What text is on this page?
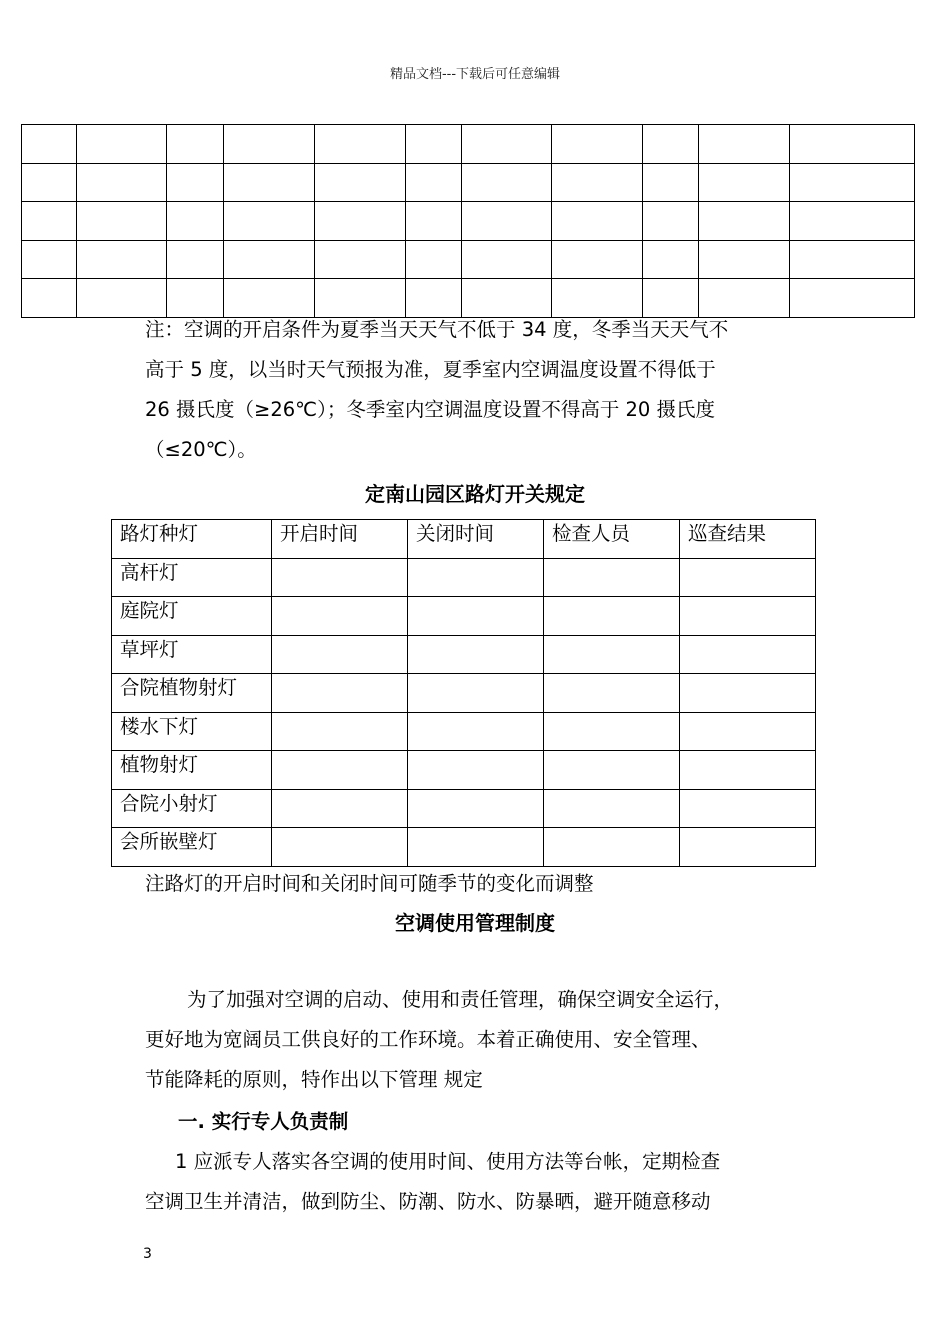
精品文档---下载后可任意编辑

注：空调的开启条件为夏季当天天气不低于 34 度，冬季当天天气不
高于 5 度，以当时天气预报为准，夏季室内空调温度设置不得低于
26 摄氏度（≥26℃）；冬季室内空调温度设置不得高于 20 摄氏度
（≤20℃）。
定南山园区路灯开关规定
路灯种灯	开启时间	关闭时间	检查人员	巡查结果
高杆灯				
庭院灯				
草坪灯				
合院植物射灯				
楼水下灯				
植物射灯				
合院小射灯				
会所嵌壁灯				
注路灯的开启时间和关闭时间可随季节的变化而调整
空调使用管理制度
为了加强对空调的启动、使用和责任管理，确保空调安全运行，
更好地为宽阔员工供良好的工作环境。本着正确使用、安全管理、
节能降耗的原则，特作出以下管理 规定
一. 实行专人负责制
1 应派专人落实各空调的使用时间、使用方法等台帐，定期检查
空调卫生并清洁，做到防尘、防潮、防水、防暴晒，避开随意移动
3
